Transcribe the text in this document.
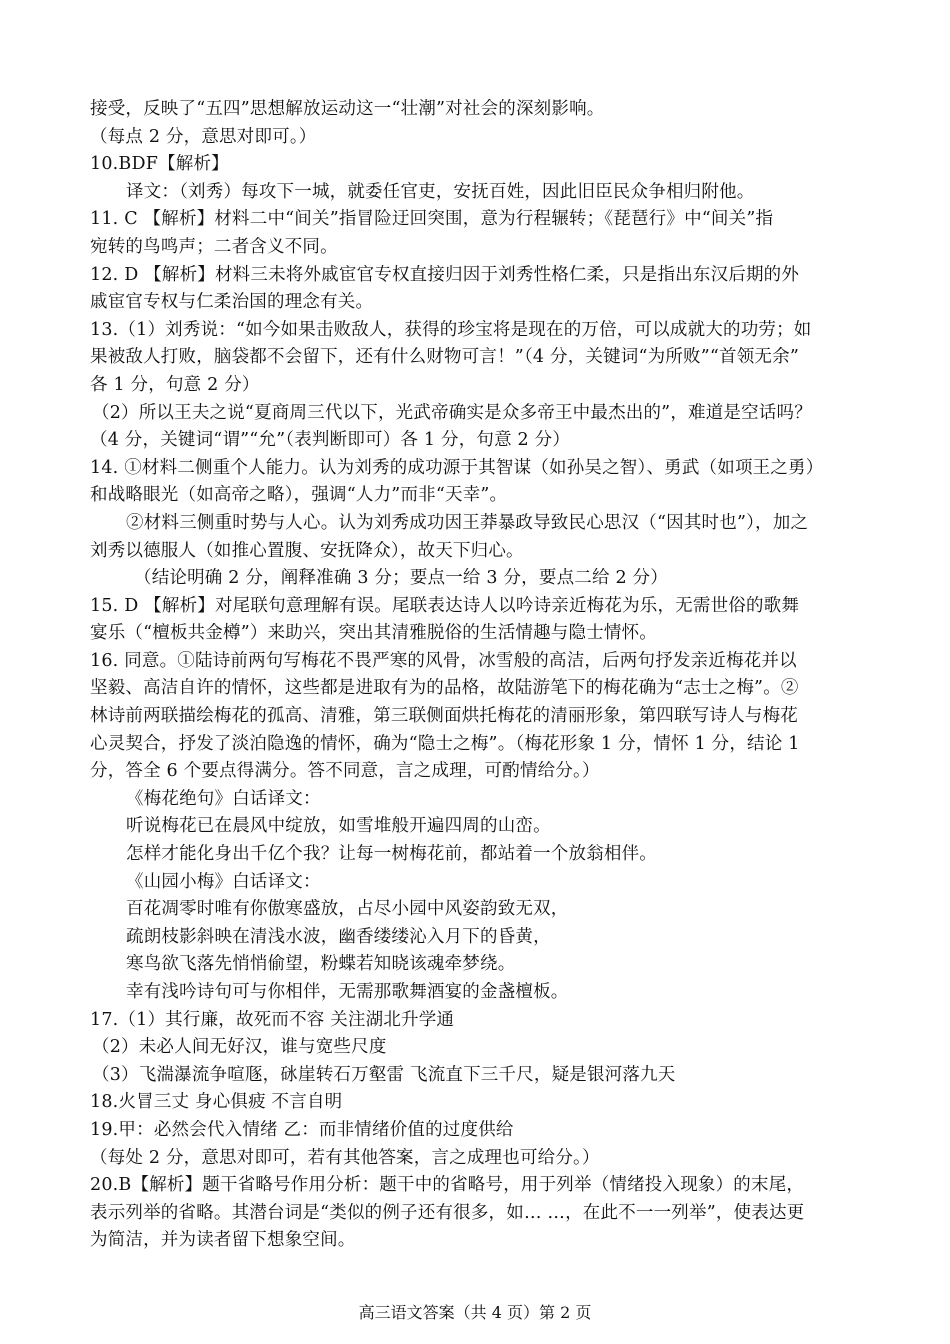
接受，反映了“五四”思想解放运动这一“壮潮”对社会的深刻影响。
（每点 2 分，意思对即可。）
10.BDF【解析】
译文：（刘秀）每攻下一城，就委任官吏，安抚百姓，因此旧臣民众争相归附他。
11. C 【解析】材料二中“间关”指冒险迂回突围，意为行程辗转；《琵琶行》中“间关”指
宛转的鸟鸣声；二者含义不同。
12. D 【解析】材料三未将外戚宦官专权直接归因于刘秀性格仁柔，只是指出东汉后期的外
戚宦官专权与仁柔治国的理念有关。
13.（1）刘秀说：“如今如果击败敌人，获得的珍宝将是现在的万倍，可以成就大的功劳；如
果被敌人打败，脑袋都不会留下，还有什么财物可言！”（4 分，关键词“为所败”“首领无余”
各 1 分，句意 2 分）
（2）所以王夫之说“夏商周三代以下，光武帝确实是众多帝王中最杰出的”，难道是空话吗？
（4 分，关键词“谓”“允”（表判断即可）各 1 分，句意 2 分）
14. ①材料二侧重个人能力。认为刘秀的成功源于其智谋（如孙吴之智）、勇武（如项王之勇）
和战略眼光（如高帝之略），强调“人力”而非“天幸”。
②材料三侧重时势与人心。认为刘秀成功因王莽暴政导致民心思汉（“因其时也”），加之
刘秀以德服人（如推心置腹、安抚降众），故天下归心。
（结论明确 2 分，阐释准确 3 分；要点一给 3 分，要点二给 2 分）
15. D 【解析】对尾联句意理解有误。尾联表达诗人以吟诗亲近梅花为乐，无需世俗的歌舞
宴乐（“檀板共金樽”）来助兴，突出其清雅脱俗的生活情趣与隐士情怀。
16. 同意。①陆诗前两句写梅花不畏严寒的风骨，冰雪般的高洁，后两句抒发亲近梅花并以
坚毅、高洁自许的情怀，这些都是进取有为的品格，故陆游笔下的梅花确为“志士之梅”。②
林诗前两联描绘梅花的孤高、清雅，第三联侧面烘托梅花的清丽形象，第四联写诗人与梅花
心灵契合，抒发了淡泊隐逸的情怀，确为“隐士之梅”。（梅花形象 1 分，情怀 1 分，结论 1
分，答全 6 个要点得满分。答不同意，言之成理，可酌情给分。）
《梅花绝句》白话译文：
听说梅花已在晨风中绽放，如雪堆般开遍四周的山峦。
怎样才能化身出千亿个我？让每一树梅花前，都站着一个放翁相伴。
《山园小梅》白话译文：
百花凋零时唯有你傲寒盛放，占尽小园中风姿韵致无双，
疏朗枝影斜映在清浅水波，幽香缕缕沁入月下的昏黄，
寒鸟欲飞落先悄悄偷望，粉蝶若知晓该魂牵梦绕。
幸有浅吟诗句可与你相伴，无需那歌舞酒宴的金盏檀板。
17.（1）其行廉，故死而不容 关注湖北升学通
（2）未必人间无好汉，谁与宽些尺度
（3）飞湍瀑流争喧豗，砯崖转石万壑雷 飞流直下三千尺，疑是银河落九天
18.火冒三丈 身心俱疲 不言自明
19.甲：必然会代入情绪 乙：而非情绪价值的过度供给
（每处 2 分，意思对即可，若有其他答案，言之成理也可给分。）
20.B【解析】题干省略号作用分析：题干中的省略号，用于列举（情绪投入现象）的末尾，
表示列举的省略。其潜台词是“类似的例子还有很多，如… …，在此不一一列举”，使表达更
为简洁，并为读者留下想象空间。
高三语文答案（共 4 页）第 2 页
